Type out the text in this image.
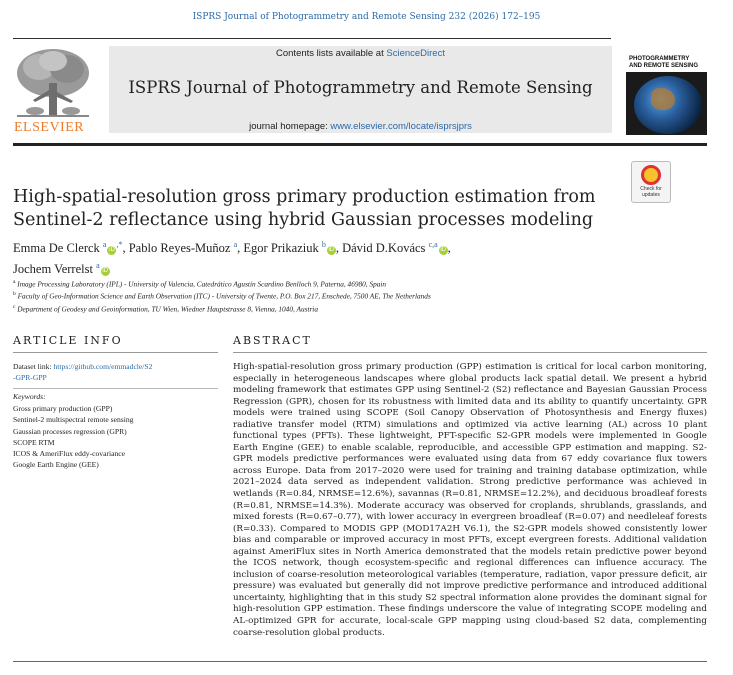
ISPRS Journal of Photogrammetry and Remote Sensing 232 (2026) 172–195
ELSEVIER
Contents lists available at ScienceDirect
ISPRS Journal of Photogrammetry and Remote Sensing
journal homepage: www.elsevier.com/locate/isprsjprs
PHOTOGRAMMETRY
AND REMOTE SENSING
Check for
updates
High-spatial-resolution gross primary production estimation from Sentinel-2 reflectance using hybrid Gaussian processes modeling
Emma De Clerck $^a$iD,*, Pablo Reyes-Muñoz $^a$, Egor Prikaziuk $^b$iD , Dávid D.Kovács $^{c,a}$iD ,
Jochem Verrelst $^a$iD
$^a$ Image Processing Laboratory (IPL) - University of Valencia, Catedrático Agustín Scardino Benlloch 9, Paterna, 46980, Spain
$^b$ Faculty of Geo-Information Science and Earth Observation (ITC) - University of Twente, P.O. Box 217, Enschede, 7500 AE, The Netherlands
$^c$ Department of Geodesy and Geoinformation, TU Wien, Wiedner Hauptstrasse 8, Vienna, 1040, Austria
ARTICLE INFO	ABSTRACT
Dataset link: https://github.com/emmadcle/S2
-GPR-GPP
Keywords:
Gross primary production (GPP)
Sentinel-2 multispectral remote sensing
Gaussian processes regression (GPR)
SCOPE RTM
ICOS & AmeriFlux eddy-covariance
Google Earth Engine (GEE)

High-spatial-resolution gross primary production (GPP) estimation is critical for local carbon monitoring, especially in heterogeneous landscapes where global products lack spatial detail. We present a hybrid modeling framework that estimates GPP using Sentinel-2 (S2) reflectance and Bayesian Gaussian Process Regression (GPR), chosen for its robustness with limited data and its ability to quantify uncertainty. GPR models were trained using SCOPE (Soil Canopy Observation of Photosynthesis and Energy fluxes) radiative transfer model (RTM) simulations and optimized via active learning (AL) across 10 plant functional types (PFTs). These lightweight, PFT-specific S2-GPR models were implemented in Google Earth Engine (GEE) to enable scalable, reproducible, and accessible GPP estimation and mapping. S2-GPR models predictive performances were evaluated using data from 67 eddy covariance flux towers across Europe. Data from 2017–2020 were used for training and training database optimization, while 2021–2024 data served as independent validation. Strong predictive performance was achieved in wetlands (R=0.84, NRMSE=12.6%), savannas (R=0.81, NRMSE=12.2%), and deciduous broadleaf forests (R=0.81, NRMSE=14.3%). Moderate accuracy was observed for croplands, shrublands, grasslands, and mixed forests (R=0.67–0.77), with lower accuracy in evergreen broadleaf (R=0.07) and needleleaf forests (R=0.33). Compared to MODIS GPP (MOD17A2H V6.1), the S2-GPR models showed consistently lower bias and comparable or improved accuracy in most PFTs, except evergreen forests. Additional validation against AmeriFlux sites in North America demonstrated that the models retain predictive power beyond the ICOS network, though ecosystem-specific and regional differences can influence accuracy. The inclusion of coarse-resolution meteorological variables (temperature, radiation, vapor pressure deficit, air pressure) was evaluated but generally did not improve predictive performance and introduced additional uncertainty, highlighting that in this study S2 spectral information alone provides the dominant signal for high-resolution GPP estimation. These findings underscore the value of integrating SCOPE modeling and AL-optimized GPR for accurate, local-scale GPP mapping using cloud-based S2 data, complementing coarse-resolution global products.
